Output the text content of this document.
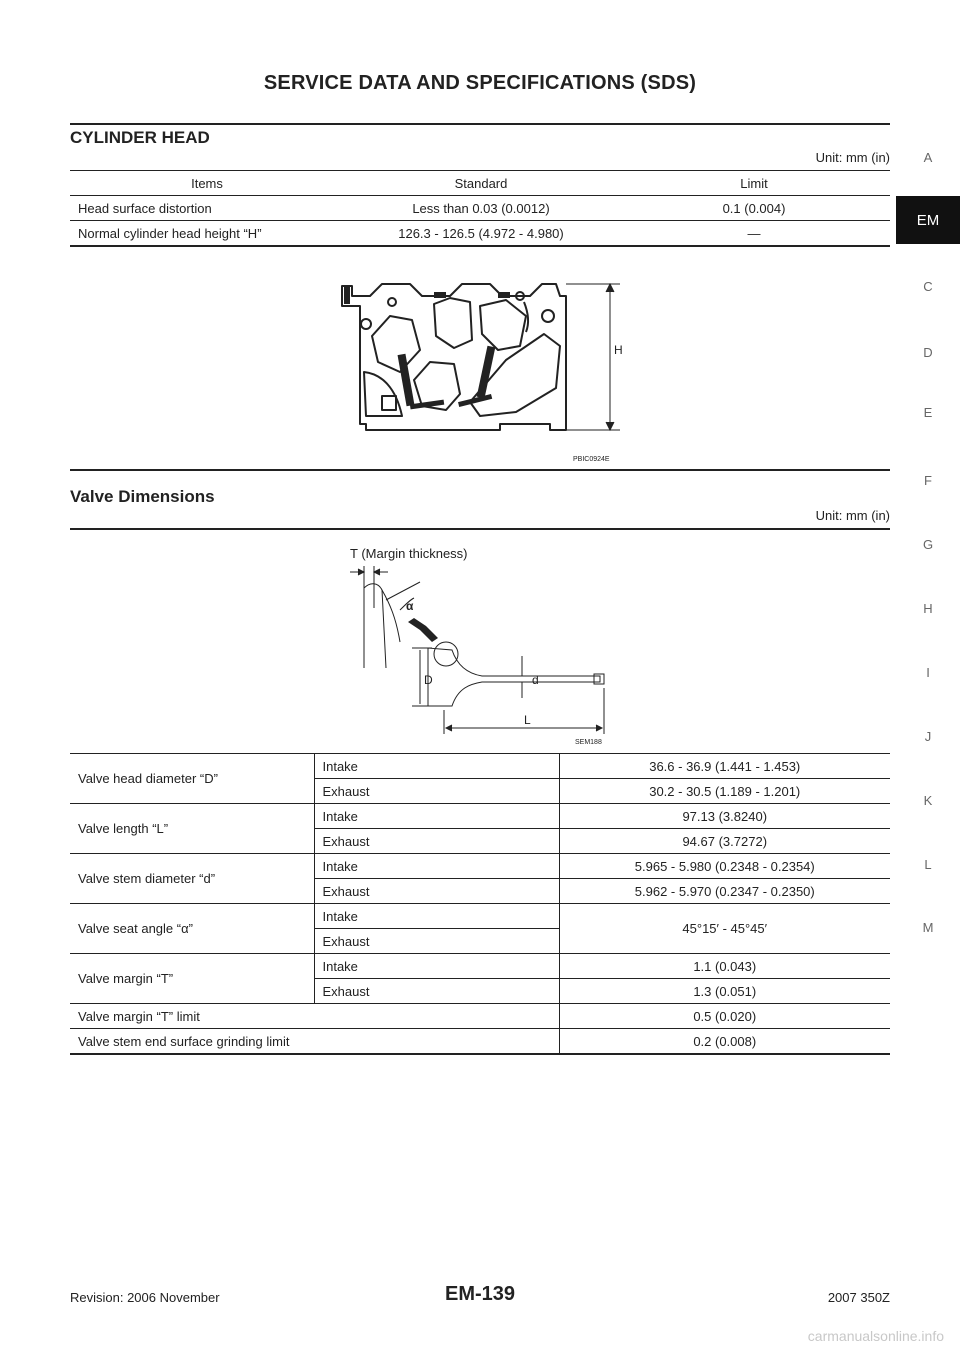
SERVICE DATA AND SPECIFICATIONS (SDS)
A
EM
C
D
E
F
G
H
I
J
K
L
M
CYLINDER HEAD
Unit: mm (in)
Items	Standard	Limit
Head surface distortion	Less than 0.03 (0.0012)	0.1 (0.004)
Normal cylinder head height “H”	126.3 - 126.5 (4.972 - 4.980)	—
H
PBIC0924E
Valve Dimensions
Unit: mm (in)
T (Margin thickness)
α
D	d
L
SEM188
Valve head diameter “D”	Intake	36.6 - 36.9 (1.441 - 1.453)
	Exhaust	30.2 - 30.5 (1.189 - 1.201)
Valve length “L”	Intake	97.13 (3.8240)
	Exhaust	94.67 (3.7272)
Valve stem diameter “d”	Intake	5.965 - 5.980 (0.2348 - 0.2354)
	Exhaust	5.962 - 5.970 (0.2347 - 0.2350)
Valve seat angle “α”	Intake	45°15′ - 45°45′
	Exhaust	
Valve margin “T”	Intake	1.1 (0.043)
	Exhaust	1.3 (0.051)
Valve margin “T” limit		0.5 (0.020)
Valve stem end surface grinding limit		0.2 (0.008)
Revision: 2006 November	EM-139	2007 350Z
carmanualsonline.info
